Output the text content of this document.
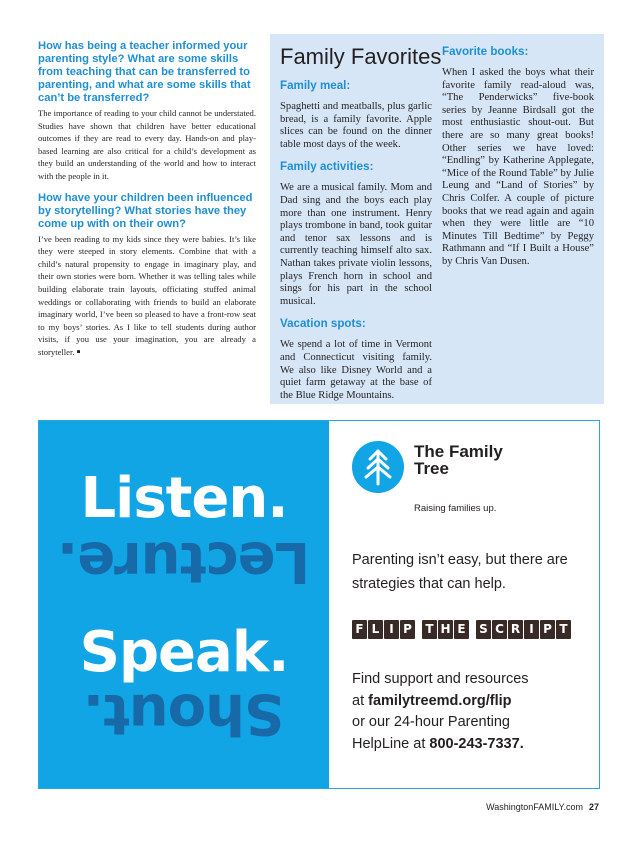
How has being a teacher informed your parenting style? What are some skills from teaching that can be transferred to parenting, and what are some skills that can’t be transferred?

The importance of reading to your child cannot be understated. Studies have shown that children have better educational outcomes if they are read to every day. Hands-on and play-based learning are also critical for a child’s development as they build an understanding of the world and how to interact with the people in it.

How have your children been influenced by storytelling? What stories have they come up with on their own?

I’ve been reading to my kids since they were babies. It’s like they were steeped in story elements. Combine that with a child’s natural propensity to engage in imaginary play, and their own stories were born. Whether it was telling tales while building elaborate train layouts, officiating stuffed animal weddings or collaborating with friends to build an elaborate imaginary world, I’ve been so pleased to have a front-row seat to my boys’ stories. As I like to tell students during author visits, if you use your imagination, you are already a storyteller. ■

Family Favorites
Family meal:

Spaghetti and meatballs, plus garlic bread, is a family favorite. Apple slices can be found on the dinner table most days of the week.

Family activities:

We are a musical family. Mom and Dad sing and the boys each play more than one instrument. Henry plays trombone in band, took guitar and tenor sax lessons and is currently teaching himself alto sax. Nathan takes private violin lessons, plays French horn in school and sings for his part in the school musical.

Vacation spots:

We spend a lot of time in Vermont and Connecticut visiting family. We also like Disney World and a quiet farm getaway at the base of the Blue Ridge Mountains.

Favorite books:

When I asked the boys what their favorite family read-aloud was, “The Penderwicks” five-book series by Jeanne Birdsall got the most enthusiastic shout-out. But there are so many great books! Other series we have loved: “Endling” by Katherine Applegate, “Mice of the Round Table” by Julie Leung and “Land of Stories” by Chris Colfer. A couple of picture books that we read again and again when they were little are “10 Minutes Till Bedtime” by Peggy Rathmann and “If I Built a House” by Chris Van Dusen.

Listen.
Lecture.
Speak.
Shout.
The Family Tree
Raising families up.
Parenting isn’t easy, but there are strategies that can help.
F L I P T H E S C R I P T
Find support and resources
at familytreemd.org/flip
or our 24-hour Parenting
HelpLine at 800-243-7337.
WashingtonFAMILY.com 27
